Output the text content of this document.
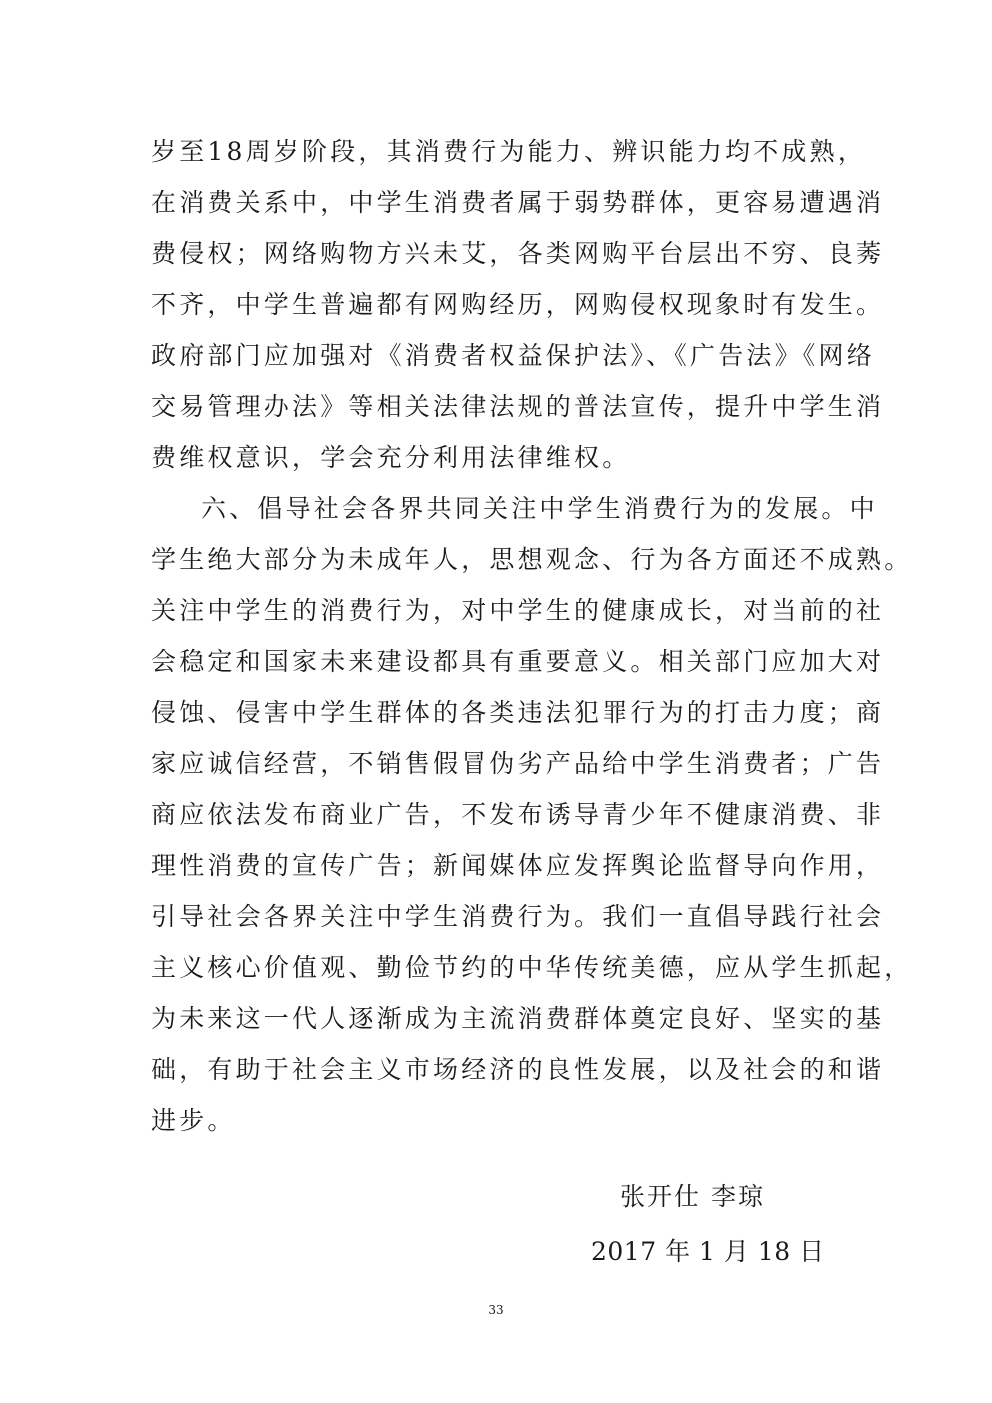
岁至18周岁阶段，其消费行为能力、辨识能力均不成熟，
在消费关系中，中学生消费者属于弱势群体，更容易遭遇消
费侵权；网络购物方兴未艾，各类网购平台层出不穷、良莠
不齐，中学生普遍都有网购经历，网购侵权现象时有发生。
政府部门应加强对《消费者权益保护法》、《广告法》《网络
交易管理办法》等相关法律法规的普法宣传，提升中学生消
费维权意识，学会充分利用法律维权。
六、倡导社会各界共同关注中学生消费行为的发展。中
学生绝大部分为未成年人，思想观念、行为各方面还不成熟。
关注中学生的消费行为，对中学生的健康成长，对当前的社
会稳定和国家未来建设都具有重要意义。相关部门应加大对
侵蚀、侵害中学生群体的各类违法犯罪行为的打击力度；商
家应诚信经营，不销售假冒伪劣产品给中学生消费者；广告
商应依法发布商业广告，不发布诱导青少年不健康消费、非
理性消费的宣传广告；新闻媒体应发挥舆论监督导向作用，
引导社会各界关注中学生消费行为。我们一直倡导践行社会
主义核心价值观、勤俭节约的中华传统美德，应从学生抓起，
为未来这一代人逐渐成为主流消费群体奠定良好、坚实的基
础，有助于社会主义市场经济的良性发展，以及社会的和谐
进步。
张开仕 李琼
2017 年 1 月 18 日
33
